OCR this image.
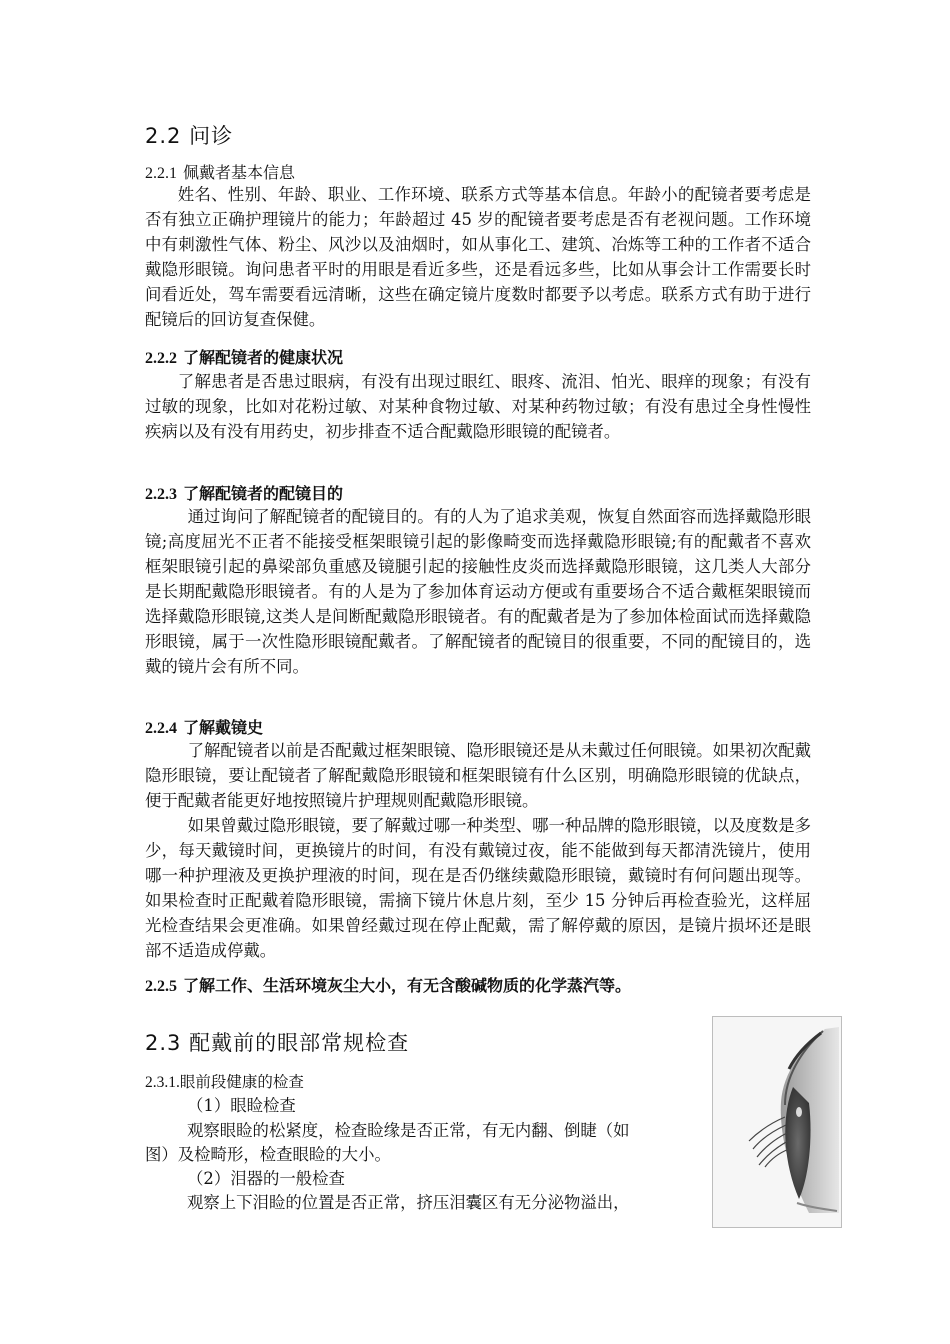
2.2 问诊
2.2.1 佩戴者基本信息
姓名、性别、年龄、职业、工作环境、联系方式等基本信息。年龄小的配镜者要考虑是否有独立正确护理镜片的能力；年龄超过 45 岁的配镜者要考虑是否有老视问题。工作环境中有刺激性气体、粉尘、风沙以及油烟时，如从事化工、建筑、冶炼等工种的工作者不适合戴隐形眼镜。询问患者平时的用眼是看近多些，还是看远多些，比如从事会计工作需要长时间看近处，驾车需要看远清晰，这些在确定镜片度数时都要予以考虑。联系方式有助于进行配镜后的回访复查保健。
2.2.2 了解配镜者的健康状况
了解患者是否患过眼病，有没有出现过眼红、眼疼、流泪、怕光、眼痒的现象；有没有过敏的现象，比如对花粉过敏、对某种食物过敏、对某种药物过敏；有没有患过全身性慢性疾病以及有没有用药史，初步排查不适合配戴隐形眼镜的配镜者。
2.2.3 了解配镜者的配镜目的
通过询问了解配镜者的配镜目的。有的人为了追求美观，恢复自然面容而选择戴隐形眼镜;高度屈光不正者不能接受框架眼镜引起的影像畸变而选择戴隐形眼镜;有的配戴者不喜欢框架眼镜引起的鼻梁部负重感及镜腿引起的接触性皮炎而选择戴隐形眼镜，这几类人大部分是长期配戴隐形眼镜者。有的人是为了参加体育运动方便或有重要场合不适合戴框架眼镜而选择戴隐形眼镜,这类人是间断配戴隐形眼镜者。有的配戴者是为了参加体检面试而选择戴隐形眼镜，属于一次性隐形眼镜配戴者。了解配镜者的配镜目的很重要，不同的配镜目的，选戴的镜片会有所不同。
2.2.4 了解戴镜史
了解配镜者以前是否配戴过框架眼镜、隐形眼镜还是从未戴过任何眼镜。如果初次配戴隐形眼镜，要让配镜者了解配戴隐形眼镜和框架眼镜有什么区别，明确隐形眼镜的优缺点，便于配戴者能更好地按照镜片护理规则配戴隐形眼镜。
如果曾戴过隐形眼镜，要了解戴过哪一种类型、哪一种品牌的隐形眼镜，以及度数是多少，每天戴镜时间，更换镜片的时间，有没有戴镜过夜，能不能做到每天都清洗镜片，使用哪一种护理液及更换护理液的时间，现在是否仍继续戴隐形眼镜，戴镜时有何问题出现等。如果检查时正配戴着隐形眼镜，需摘下镜片休息片刻，至少 15 分钟后再检查验光，这样屈光检查结果会更准确。如果曾经戴过现在停止配戴，需了解停戴的原因，是镜片损坏还是眼部不适造成停戴。
2.2.5 了解工作、生活环境灰尘大小，有无含酸碱物质的化学蒸汽等。
2.3 配戴前的眼部常规检查
2.3.1.眼前段健康的检查
（1）眼睑检查
观察眼睑的松紧度，检查睑缘是否正常，有无内翻、倒睫（如
图）及检畸形，检查眼睑的大小。
（2）泪器的一般检查
观察上下泪睑的位置是否正常，挤压泪囊区有无分泌物溢出，
